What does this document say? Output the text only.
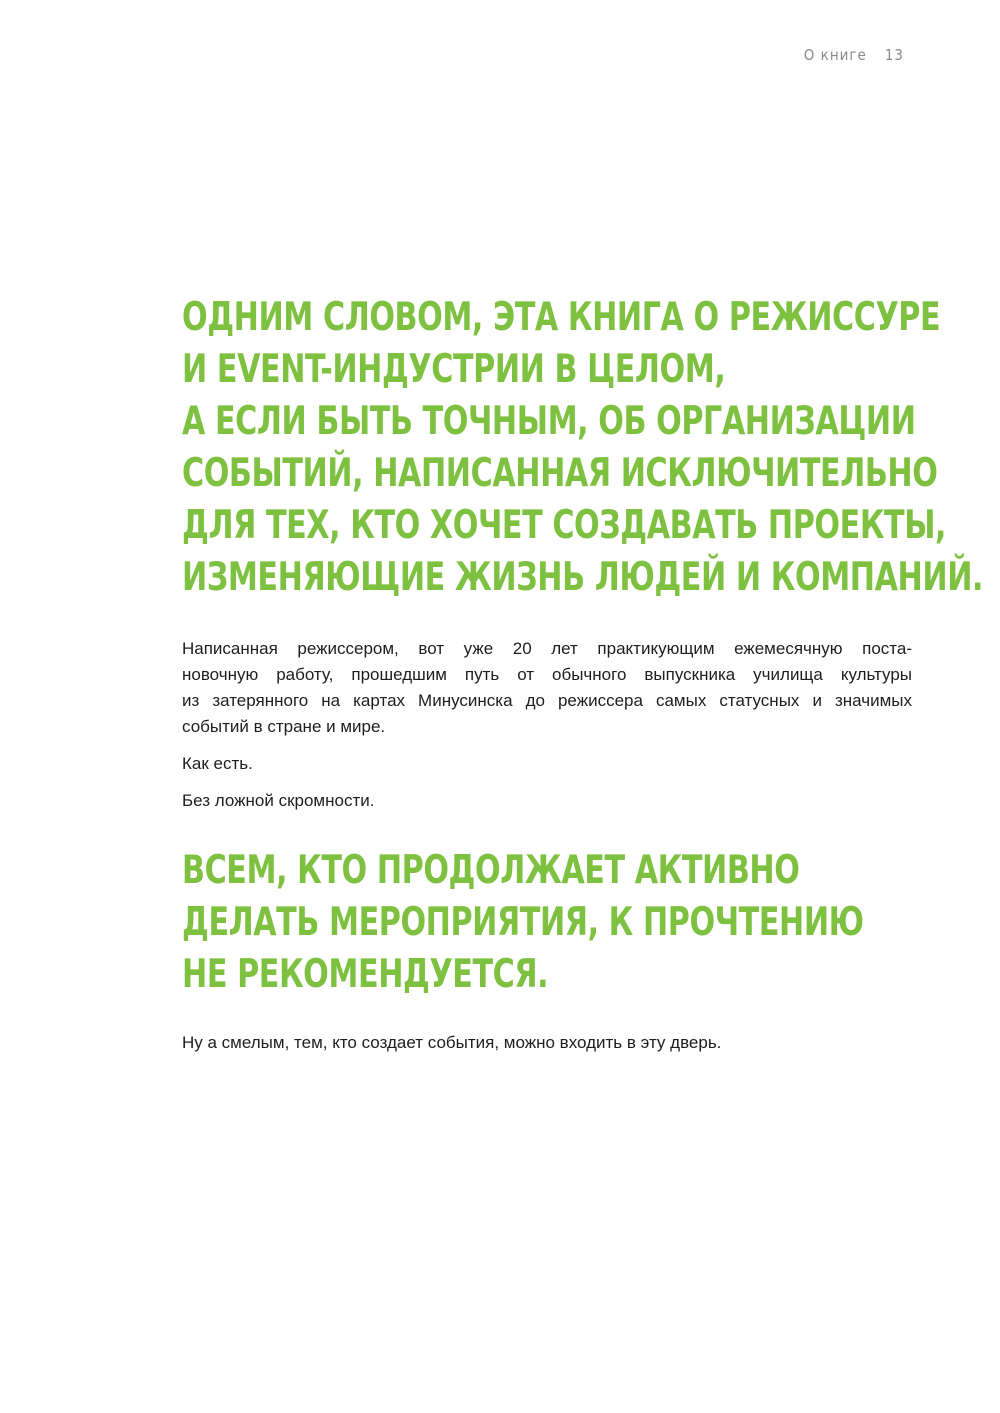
О книге 13
ОДНИМ СЛОВОМ, ЭТА КНИГА О РЕЖИССУРЕ
И EVENT-ИНДУСТРИИ В ЦЕЛОМ,
А ЕСЛИ БЫТЬ ТОЧНЫМ, ОБ ОРГАНИЗАЦИИ
СОБЫТИЙ, НАПИСАННАЯ ИСКЛЮЧИТЕЛЬНО
ДЛЯ ТЕХ, КТО ХОЧЕТ СОЗДАВАТЬ ПРОЕКТЫ,
ИЗМЕНЯЮЩИЕ ЖИЗНЬ ЛЮДЕЙ И КОМПАНИЙ.

Написанная режиссером, вот уже 20 лет практикующим ежемесячную поста-
новочную работу, прошедшим путь от обычного выпускника училища культуры
из затерянного на картах Минусинска до режиссера самых статусных и значимых
событий в стране и мире.

Как есть.

Без ложной скромности.

ВСЕМ, КТО ПРОДОЛЖАЕТ АКТИВНО
ДЕЛАТЬ МЕРОПРИЯТИЯ, К ПРОЧТЕНИЮ
НЕ РЕКОМЕНДУЕТСЯ.

Ну а смелым, тем, кто создает события, можно входить в эту дверь.
